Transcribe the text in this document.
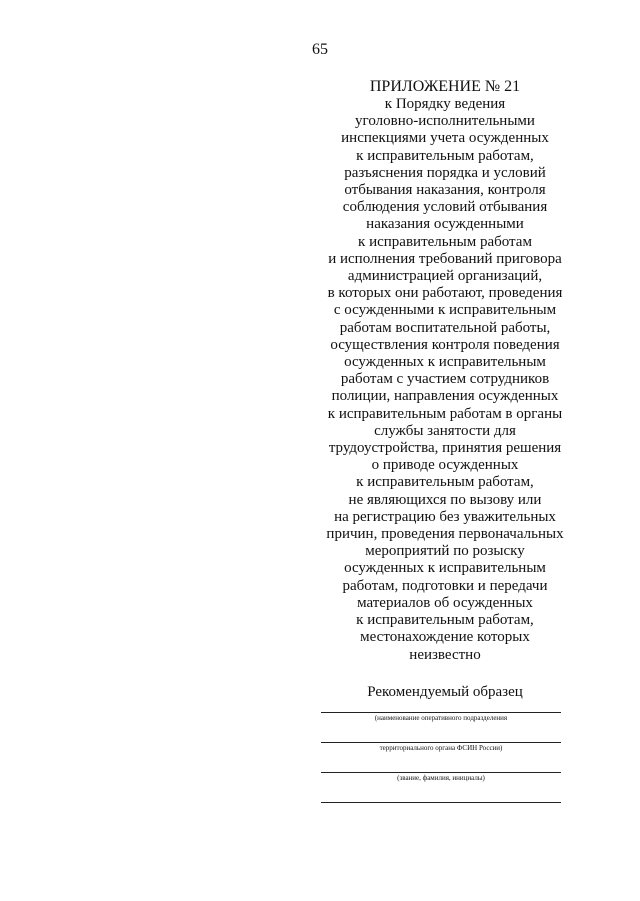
65
ПРИЛОЖЕНИЕ № 21
к Порядку ведения
уголовно-исполнительными
инспекциями учета осужденных
к исправительным работам,
разъяснения порядка и условий
отбывания наказания, контроля
соблюдения условий отбывания
наказания осужденными
к исправительным работам
и исполнения требований приговора
администрацией организаций,
в которых они работают, проведения
с осужденными к исправительным
работам воспитательной работы,
осуществления контроля поведения
осужденных к исправительным
работам с участием сотрудников
полиции, направления осужденных
к исправительным работам в органы
службы занятости для
трудоустройства, принятия решения
о приводе осужденных
к исправительным работам,
не являющихся по вызову или
на регистрацию без уважительных
причин, проведения первоначальных
мероприятий по розыску
осужденных к исправительным
работам, подготовки и передачи
материалов об осужденных
к исправительным работам,
местонахождение которых
неизвестно
Рекомендуемый образец
(наименование оперативного подразделения
территориального органа ФСИН России)
(звание, фамилия, инициалы)
